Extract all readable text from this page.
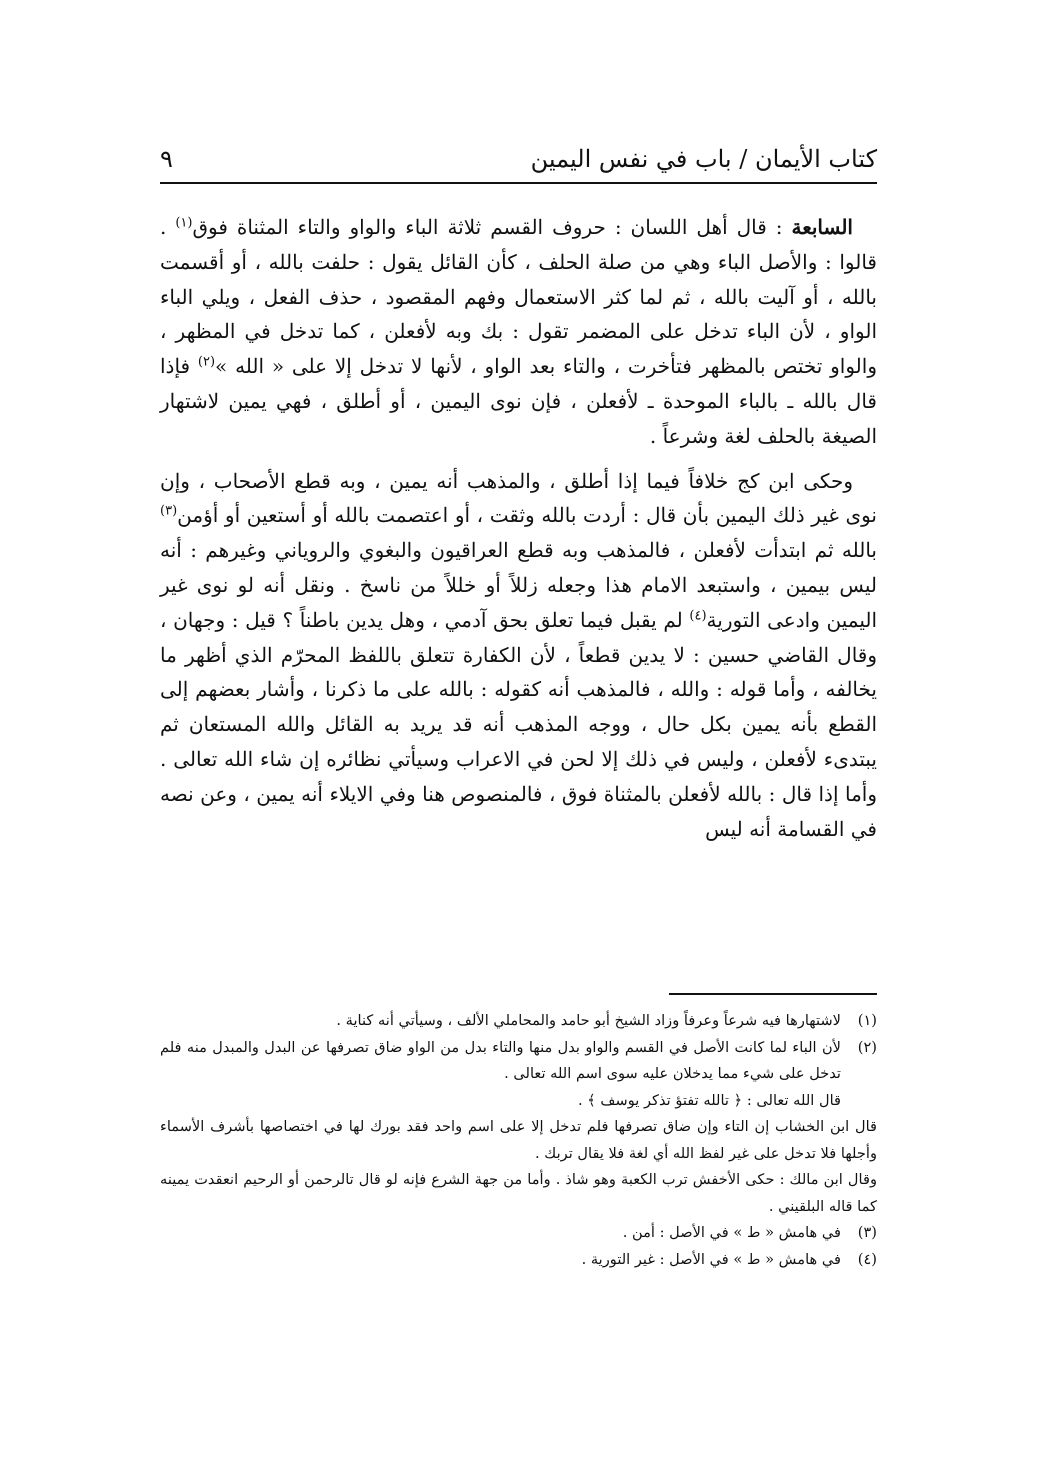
كتاب الأيمان / باب في نفس اليمين
٩

السابعة : قال أهل اللسان : حروف القسم ثلاثة الباء والواو والتاء المثناة فوق$^{(١)}$ . قالوا : والأصل الباء وهي من صلة الحلف ، كأن القائل يقول : حلفت بالله ، أو أقسمت بالله ، أو آليت بالله ، ثم لما كثر الاستعمال وفهم المقصود ، حذف الفعل ، ويلي الباء الواو ، لأن الباء تدخل على المضمر تقول : بك وبه لأفعلن ، كما تدخل في المظهر ، والواو تختص بالمظهر فتأخرت ، والتاء بعد الواو ، لأنها لا تدخل إلا على « الله »$^{(٢)}$ فإذا قال بالله ـ بالباء الموحدة ـ لأفعلن ، فإن نوى اليمين ، أو أطلق ، فهي يمين لاشتهار الصيغة بالحلف لغة وشرعاً .

وحكى ابن كج خلافاً فيما إذا أطلق ، والمذهب أنه يمين ، وبه قطع الأصحاب ، وإن نوى غير ذلك اليمين بأن قال : أردت بالله وثقت ، أو اعتصمت بالله أو أستعين أو أؤمن$^{(٣)}$ بالله ثم ابتدأت لأفعلن ، فالمذهب وبه قطع العراقيون والبغوي والروياني وغيرهم : أنه ليس بيمين ، واستبعد الامام هذا وجعله زللاً أو خللاً من ناسخ . ونقل أنه لو نوى غير اليمين وادعى التورية$^{(٤)}$ لم يقبل فيما تعلق بحق آدمي ، وهل يدين باطناً ؟ قيل : وجهان ، وقال القاضي حسين : لا يدين قطعاً ، لأن الكفارة تتعلق باللفظ المحرّم الذي أظهر ما يخالفه ، وأما قوله : والله ، فالمذهب أنه كقوله : بالله على ما ذكرنا ، وأشار بعضهم إلى القطع بأنه يمين بكل حال ، ووجه المذهب أنه قد يريد به القائل والله المستعان ثم يبتدىء لأفعلن ، وليس في ذلك إلا لحن في الاعراب وسيأتي نظائره إن شاء الله تعالى . وأما إذا قال : بالله لأفعلن بالمثناة فوق ، فالمنصوص هنا وفي الايلاء أنه يمين ، وعن نصه في القسامة أنه ليس

(١)
لاشتهارها فيه شرعاً وعرفاً وزاد الشيخ أبو حامد والمحاملي الألف ، وسيأتي أنه كناية .
(٢)
لأن الباء لما كانت الأصل في القسم والواو بدل منها والتاء بدل من الواو ضاق تصرفها عن البدل والمبدل منه فلم تدخل على شيء مما يدخلان عليه سوى اسم الله تعالى .
قال الله تعالى : ﴿ تالله تفتؤ تذكر يوسف ﴾ .
قال ابن الخشاب إن التاء وإن ضاق تصرفها فلم تدخل إلا على اسم واحد فقد بورك لها في اختصاصها بأشرف الأسماء وأجلها فلا تدخل على غير لفظ الله أي لغة فلا يقال تربك .
وقال ابن مالك : حكى الأخفش ترب الكعبة وهو شاذ . وأما من جهة الشرع فإنه لو قال تالرحمن أو الرحيم انعقدت يمينه كما قاله البلقيني .
(٣)
في هامش « ط » في الأصل : أمن .
(٤)
في هامش « ط » في الأصل : غير التورية .
